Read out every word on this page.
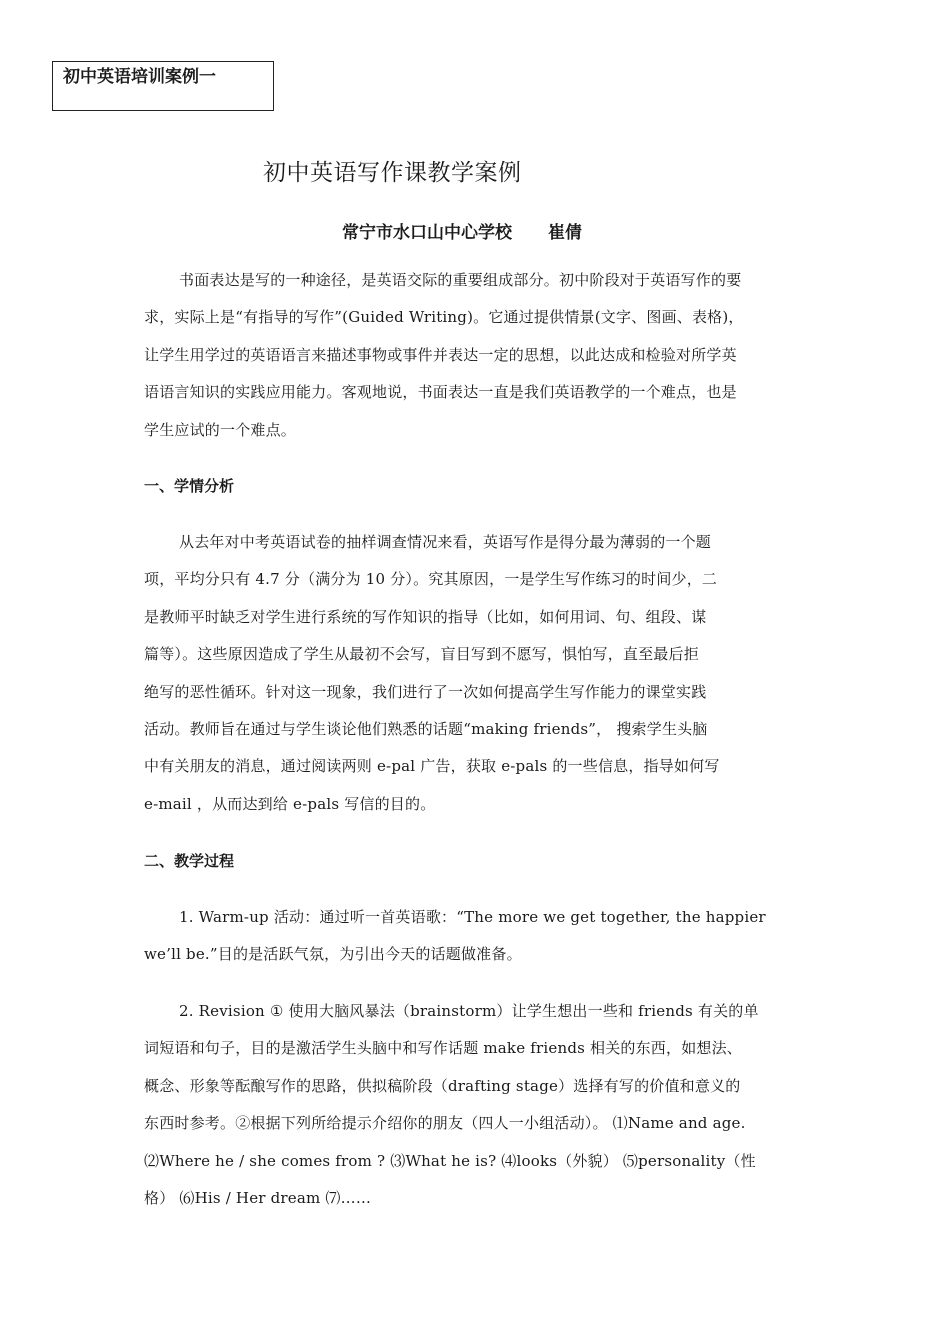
初中英语培训案例一
初中英语写作课教学案例
常宁市水口山中心学校 崔倩
书面表达是写的一种途径，是英语交际的重要组成部分。初中阶段对于英语写作的要
求，实际上是“有指导的写作”(Guided Writing)。它通过提供情景(文字、图画、表格)，
让学生用学过的英语语言来描述事物或事件并表达一定的思想，以此达成和检验对所学英
语语言知识的实践应用能力。客观地说，书面表达一直是我们英语教学的一个难点，也是
学生应试的一个难点。
一、学情分析
从去年对中考英语试卷的抽样调查情况来看，英语写作是得分最为薄弱的一个题
项，平均分只有 4.7 分（满分为 10 分）。究其原因，一是学生写作练习的时间少，二
是教师平时缺乏对学生进行系统的写作知识的指导（比如，如何用词、句、组段、谋
篇等）。这些原因造成了学生从最初不会写，盲目写到不愿写，惧怕写，直至最后拒
绝写的恶性循环。针对这一现象，我们进行了一次如何提高学生写作能力的课堂实践
活动。教师旨在通过与学生谈论他们熟悉的话题“making friends”， 搜索学生头脑
中有关朋友的消息，通过阅读两则 e-pal 广告，获取 e-pals 的一些信息，指导如何写
e-mail ，从而达到给 e-pals 写信的目的。
二、教学过程
1. Warm-up 活动：通过听一首英语歌：“The more we get together, the happier
we’ll be.”目的是活跃气氛，为引出今天的话题做准备。
2. Revision ① 使用大脑风暴法（brainstorm）让学生想出一些和 friends 有关的单
词短语和句子，目的是激活学生头脑中和写作话题 make friends 相关的东西，如想法、
概念、形象等酝酿写作的思路，供拟稿阶段（drafting stage）选择有写的价值和意义的
东西时参考。②根据下列所给提示介绍你的朋友（四人一小组活动）。 ⑴Name and age.
⑵Where he / she comes from ? ⑶What he is? ⑷looks（外貌） ⑸personality（性
格） ⑹His / Her dream ⑺……
